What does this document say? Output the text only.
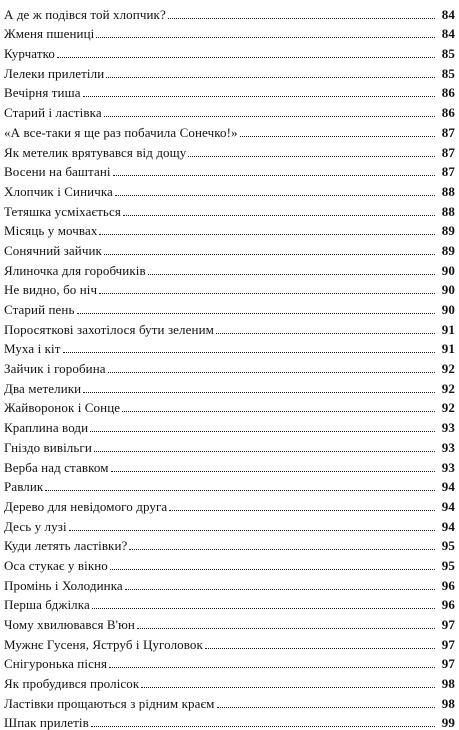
А де ж подівся той хлопчик?	84
Жменя пшениці	84
Курчатко	85
Лелеки прилетіли	85
Вечірня тиша	86
Старий і ластівка	86
«А все-таки я ще раз побачила Сонечко!»	87
Як метелик врятувався від дощу	87
Восени на баштані	87
Хлопчик і Синичка	88
Тетяшка усміхається	88
Місяць у мочвах	89
Сонячний зайчик	89
Ялиночка для горобчиків	90
Не видно, бо ніч	90
Старий пень	90
Поросяткові захотілося бути зеленим	91
Муха і кіт	91
Зайчик і горобина	92
Два метелики	92
Жайворонок і Сонце	92
Краплина води	93
Гніздо вивільги	93
Верба над ставком	93
Равлик	94
Дерево для невідомого друга	94
Десь у лузі	94
Куди летять ластівки?	95
Оса стукає у вікно	95
Промінь і Холодинка	96
Перша бджілка	96
Чому хвилювався В'юн	97
Мужнє Гусеня, Яструб і Цуголовок	97
Снігуронька пісня	97
Як пробудився пролісок	98
Ластівки прощаються з рідним краєм	98
Шпак прилетів	99
